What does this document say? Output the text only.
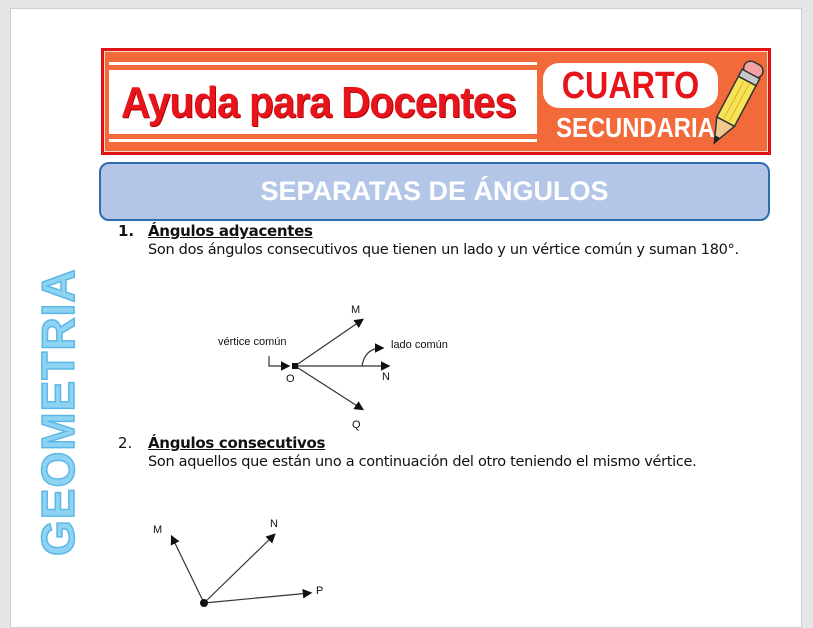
Ayuda para Docentes CUARTO
SECUNDARIA
SEPARATAS DE ÁNGULOS
GEOMETRIA
1. Ángulos adyacentes
Son dos ángulos consecutivos que tienen un lado y un vértice común y suman 180°.
vértice común	lado común
O
M
N
Q
2. Ángulos consecutivos
Son aquellos que están uno a continuación del otro teniendo el mismo vértice.
M	N
P
